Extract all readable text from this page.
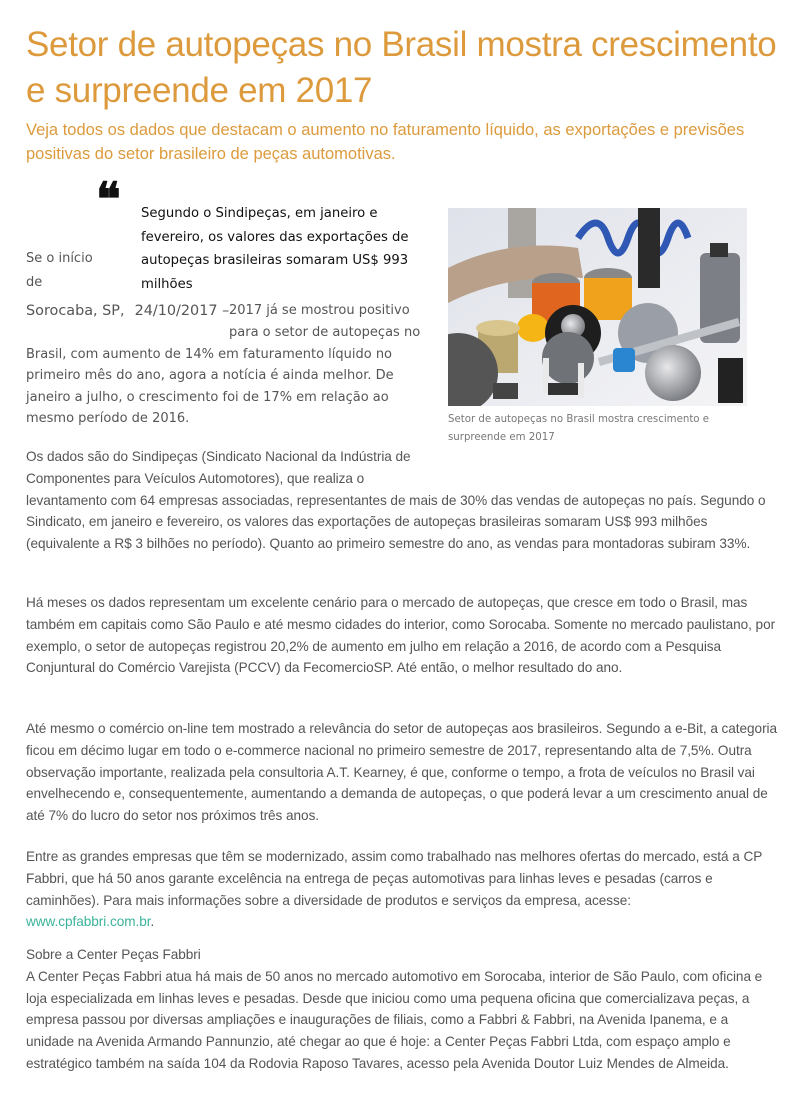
Setor de autopeças no Brasil mostra crescimento e surpreende em 2017

Veja todos os dados que destacam o aumento no faturamento líquido, as exportações e previsões positivas do setor brasileiro de peças automotivas.

❝ Segundo o Sindipeças, em janeiro e fevereiro, os valores das exportações de autopeças brasileiras somaram US$ 993 milhões

Se o início de
Sorocaba, SP, 24/10/2017 – 2017 já se mostrou positivo
para o setor de autopeças no
Brasil, com aumento de 14% em faturamento líquido no primeiro mês do ano, agora a notícia é ainda melhor. De janeiro a julho, o crescimento foi de 17% em relação ao mesmo período de 2016.	Setor de autopeças no Brasil mostra crescimento e surpreende em 2017

Os dados são do Sindipeças (Sindicato Nacional da Indústria de Componentes para Veículos Automotores), que realiza o
levantamento com 64 empresas associadas, representantes de mais de 30% das vendas de autopeças no país. Segundo o Sindicato, em janeiro e fevereiro, os valores das exportações de autopeças brasileiras somaram US$ 993 milhões (equivalente a R$ 3 bilhões no período). Quanto ao primeiro semestre do ano, as vendas para montadoras subiram 33%.

Há meses os dados representam um excelente cenário para o mercado de autopeças, que cresce em todo o Brasil, mas também em capitais como São Paulo e até mesmo cidades do interior, como Sorocaba. Somente no mercado paulistano, por exemplo, o setor de autopeças registrou 20,2% de aumento em julho em relação a 2016, de acordo com a Pesquisa Conjuntural do Comércio Varejista (PCCV) da FecomercioSP. Até então, o melhor resultado do ano.

Até mesmo o comércio on-line tem mostrado a relevância do setor de autopeças aos brasileiros. Segundo a e-Bit, a categoria ficou em décimo lugar em todo o e-commerce nacional no primeiro semestre de 2017, representando alta de 7,5%. Outra observação importante, realizada pela consultoria A.T. Kearney, é que, conforme o tempo, a frota de veículos no Brasil vai envelhecendo e, consequentemente, aumentando a demanda de autopeças, o que poderá levar a um crescimento anual de até 7% do lucro do setor nos próximos três anos.

Entre as grandes empresas que têm se modernizado, assim como trabalhado nas melhores ofertas do mercado, está a CP Fabbri, que há 50 anos garante excelência na entrega de peças automotivas para linhas leves e pesadas (carros e caminhões). Para mais informações sobre a diversidade de produtos e serviços da empresa, acesse:
www.cpfabbri.com.br.

Sobre a Center Peças Fabbri
A Center Peças Fabbri atua há mais de 50 anos no mercado automotivo em Sorocaba, interior de São Paulo, com oficina e loja especializada em linhas leves e pesadas. Desde que iniciou como uma pequena oficina que comercializava peças, a empresa passou por diversas ampliações e inaugurações de filiais, como a Fabbri & Fabbri, na Avenida Ipanema, e a unidade na Avenida Armando Pannunzio, até chegar ao que é hoje: a Center Peças Fabbri Ltda, com espaço amplo e estratégico também na saída 104 da Rodovia Raposo Tavares, acesso pela Avenida Doutor Luiz Mendes de Almeida.
